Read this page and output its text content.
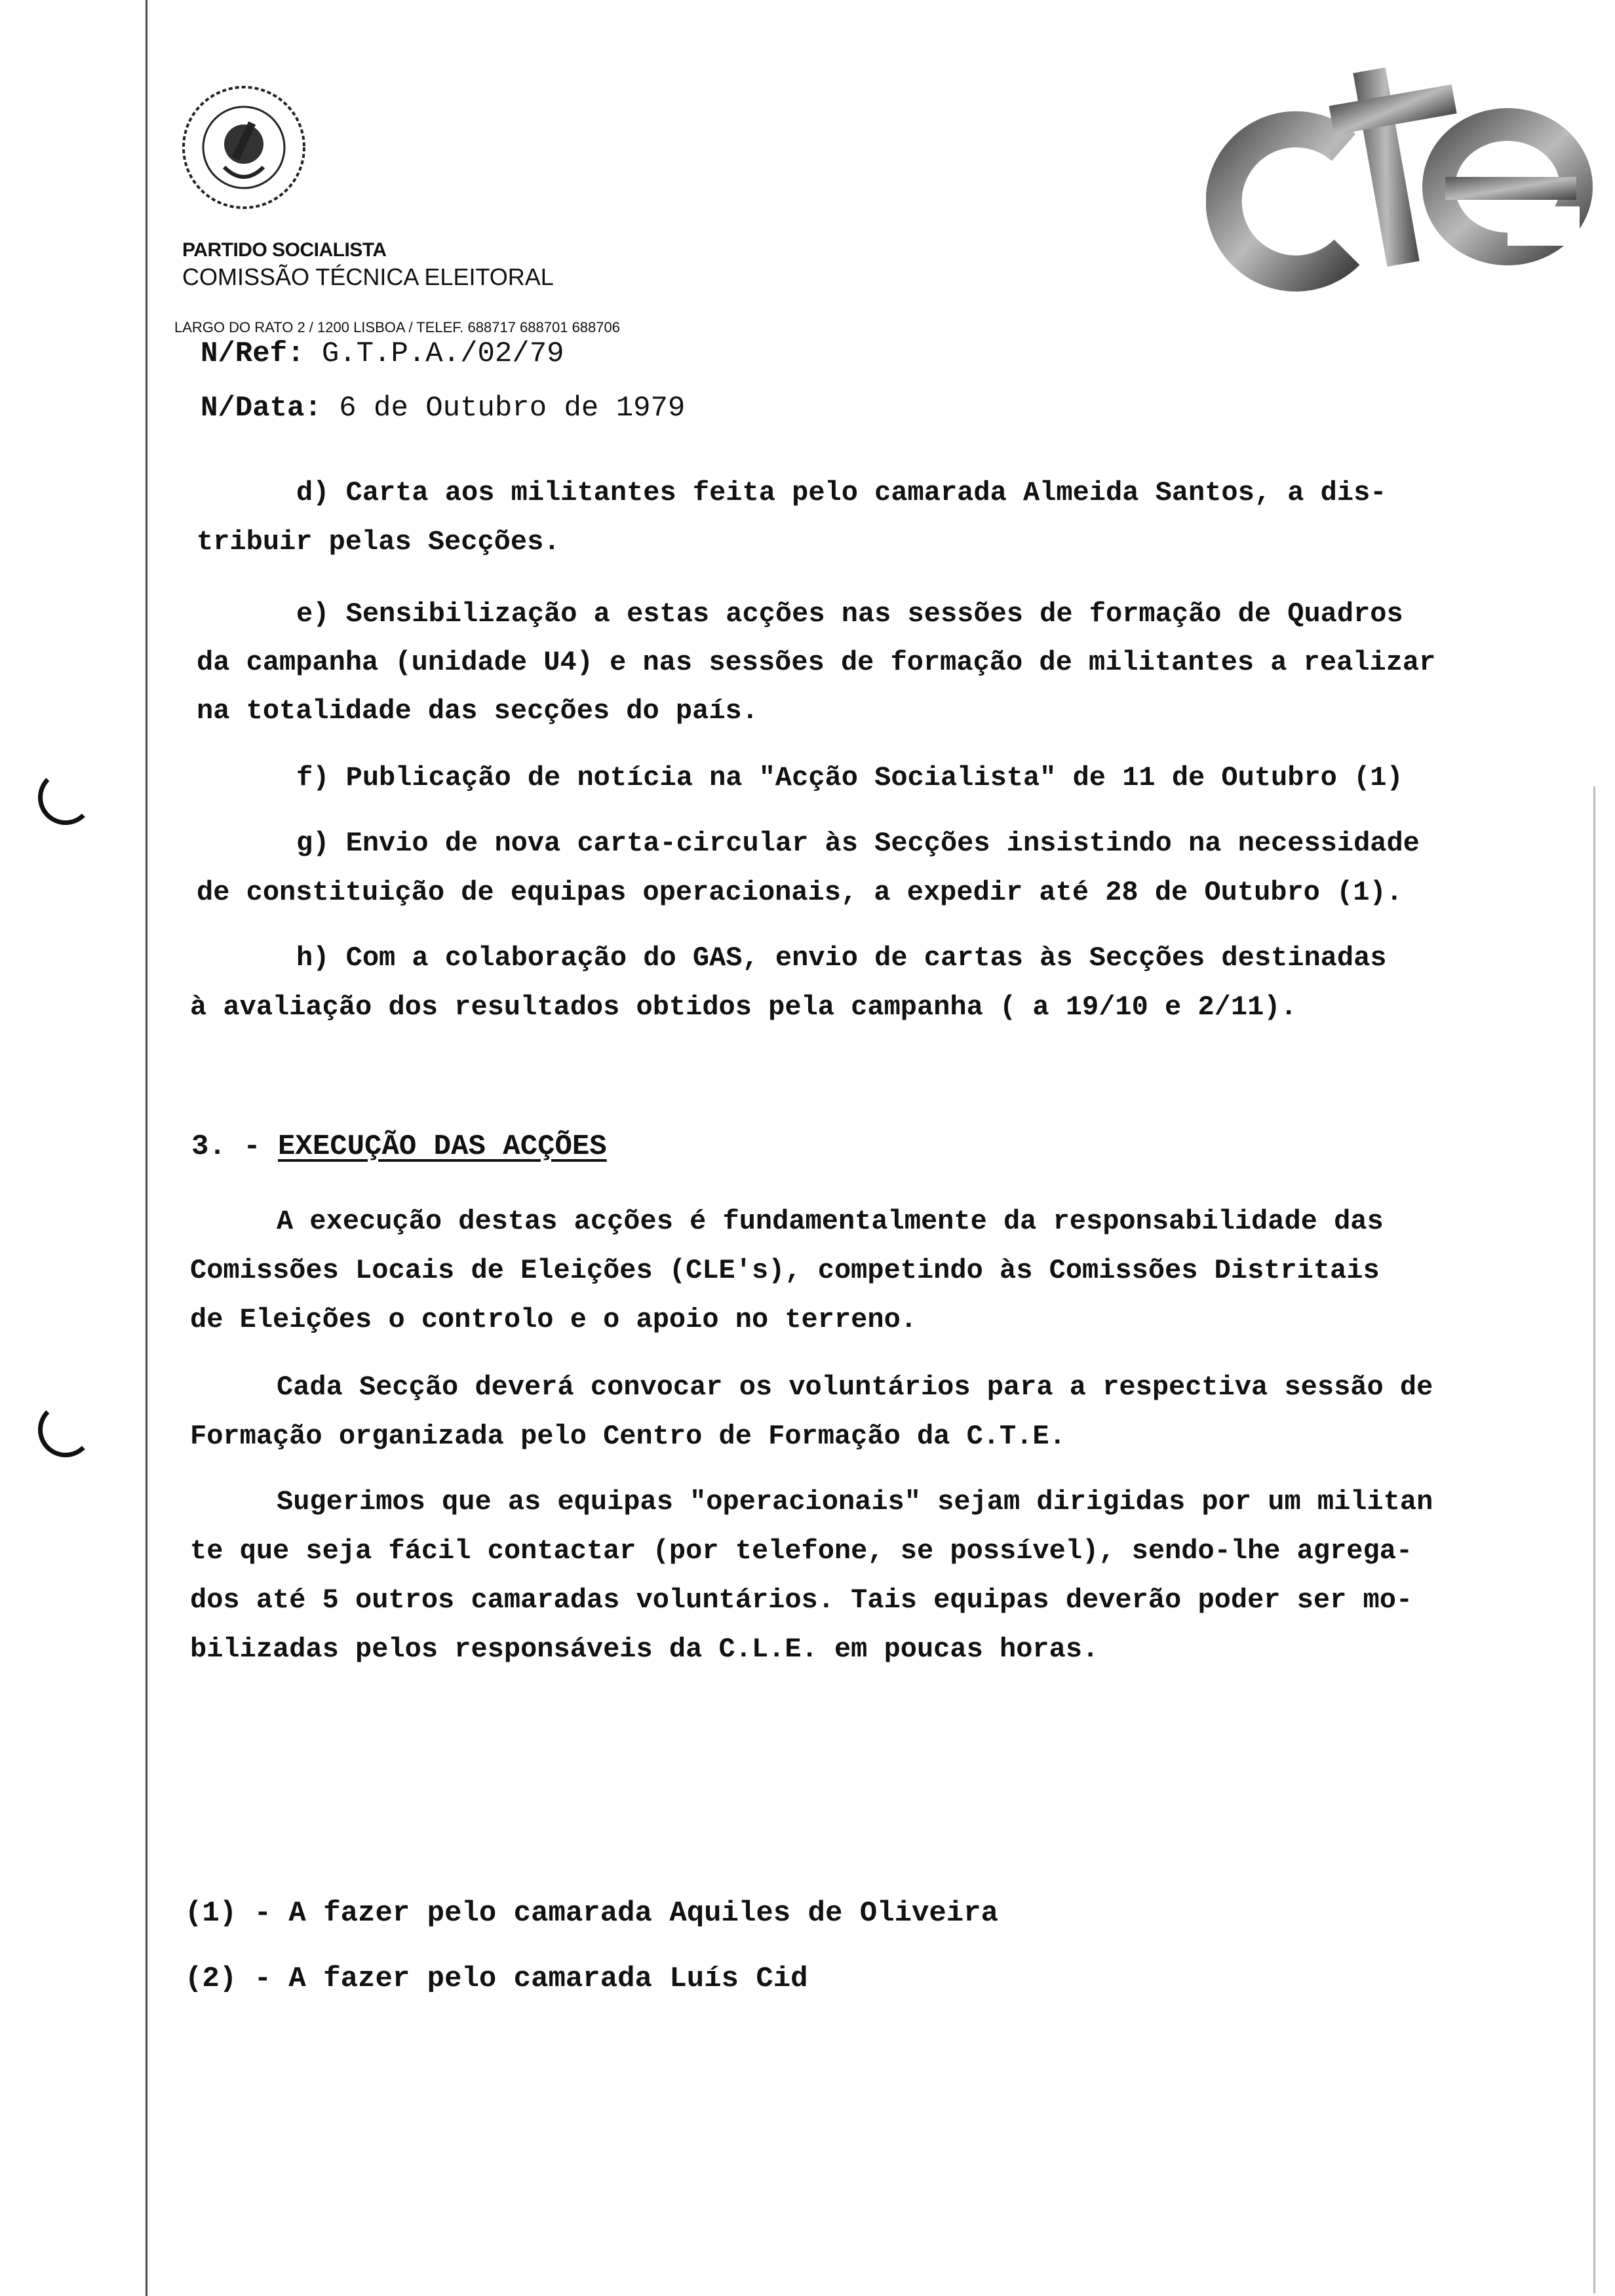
PARTIDO SOCIALISTA
COMISSÃO TÉCNICA ELEITORAL
LARGO DO RATO 2 / 1200 LISBOA / TELEF. 688717 688701 688706
N/Ref: G.T.P.A./02/79
N/Data: 6 de Outubro de 1979
d) Carta aos militantes feita pelo camarada Almeida Santos, a dis-
tribuir pelas Secções.
e) Sensibilização a estas acções nas sessões de formação de Quadros
da campanha (unidade U4) e nas sessões de formação de militantes a realizar
na totalidade das secções do país.
f) Publicação de notícia na "Acção Socialista" de 11 de Outubro (1)
g) Envio de nova carta-circular às Secções insistindo na necessidade
de constituição de equipas operacionais, a expedir até 28 de Outubro (1).
h) Com a colaboração do GAS, envio de cartas às Secções destinadas
à avaliação dos resultados obtidos pela campanha ( a 19/10 e 2/11).
3. - EXECUÇÃO DAS ACÇÕES
A execução destas acções é fundamentalmente da responsabilidade das
Comissões Locais de Eleições (CLE's), competindo às Comissões Distritais
de Eleições o controlo e o apoio no terreno.
Cada Secção deverá convocar os voluntários para a respectiva sessão de
Formação organizada pelo Centro de Formação da C.T.E.
Sugerimos que as equipas "operacionais" sejam dirigidas por um militan
te que seja fácil contactar (por telefone, se possível), sendo-lhe agrega-
dos até 5 outros camaradas voluntários. Tais equipas deverão poder ser mo-
bilizadas pelos responsáveis da C.L.E. em poucas horas.
(1) - A fazer pelo camarada Aquiles de Oliveira
(2) - A fazer pelo camarada Luís Cid
